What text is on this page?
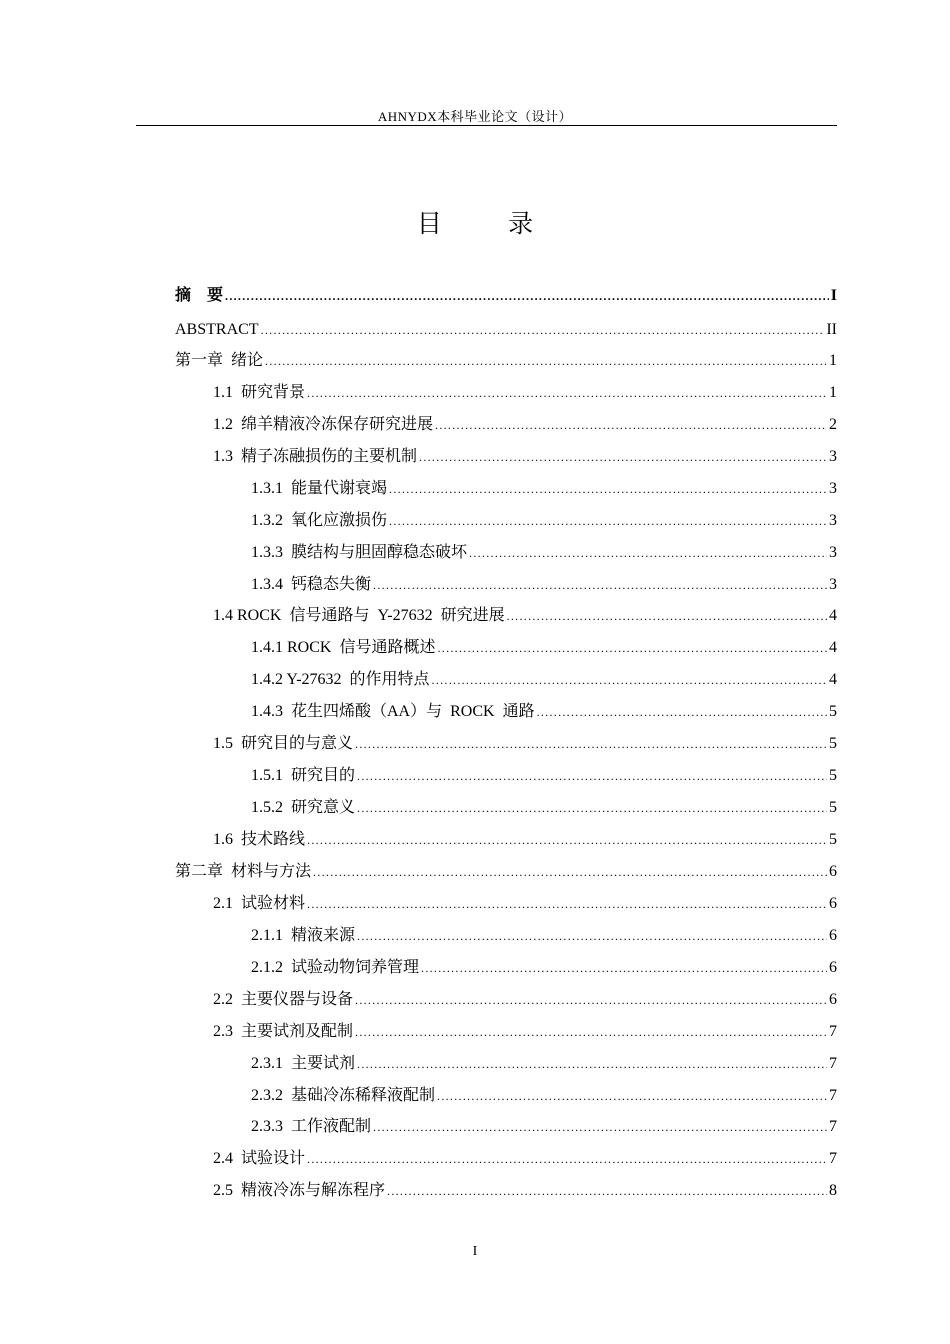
AHNYDX本科毕业论文（设计）
目 录
摘    要 .....	I
ABSTRACT .....	II
第一章  绪论 .....	1
1.1  研究背景 .....	1
1.2  绵羊精液冷冻保存研究进展 .....	2
1.3  精子冻融损伤的主要机制 .....	3
1.3.1  能量代谢衰竭 .....	3
1.3.2  氧化应激损伤 .....	3
1.3.3  膜结构与胆固醇稳态破坏 .....	3
1.3.4  钙稳态失衡 .....	3
1.4 ROCK  信号通路与  Y-27632  研究进展 .....	4
1.4.1 ROCK  信号通路概述 .....	4
1.4.2 Y-27632  的作用特点 .....	4
1.4.3  花生四烯酸（AA）与  ROCK  通路 .....	5
1.5  研究目的与意义 .....	5
1.5.1  研究目的 .....	5
1.5.2  研究意义 .....	5
1.6  技术路线 .....	5
第二章  材料与方法 .....	6
2.1  试验材料 .....	6
2.1.1  精液来源 .....	6
2.1.2  试验动物饲养管理 .....	6
2.2  主要仪器与设备 .....	6
2.3  主要试剂及配制 .....	7
2.3.1  主要试剂 .....	7
2.3.2  基础冷冻稀释液配制 .....	7
2.3.3  工作液配制 .....	7
2.4  试验设计 .....	7
2.5  精液冷冻与解冻程序 .....	8
I
